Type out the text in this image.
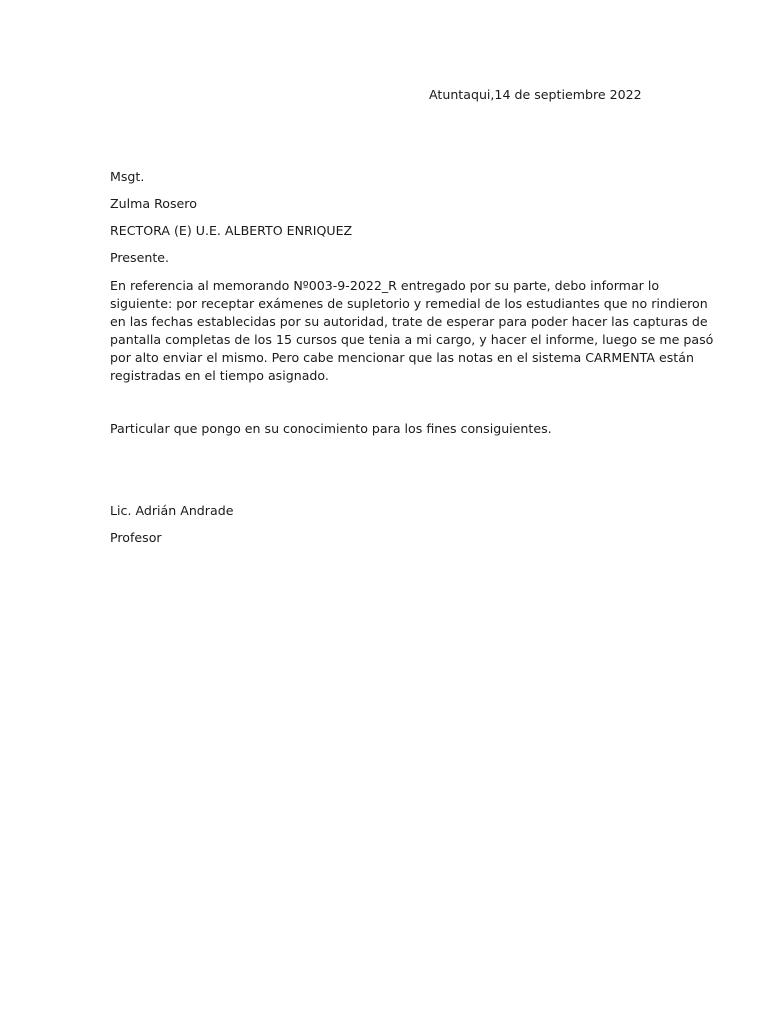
Atuntaqui,14 de septiembre 2022
Msgt.
Zulma Rosero
RECTORA (E) U.E. ALBERTO ENRIQUEZ
Presente.
En referencia al memorando Nº003-9-2022_R entregado por su parte, debo informar lo
siguiente: por receptar exámenes de supletorio y remedial de los estudiantes que no rindieron
en las fechas establecidas por su autoridad, trate de esperar para poder hacer las capturas de
pantalla completas de los 15 cursos que tenia a mi cargo, y hacer el informe, luego se me pasó
por alto enviar el mismo. Pero cabe mencionar que las notas en el sistema CARMENTA están
registradas en el tiempo asignado.
Particular que pongo en su conocimiento para los fines consiguientes.
Lic. Adrián Andrade
Profesor
